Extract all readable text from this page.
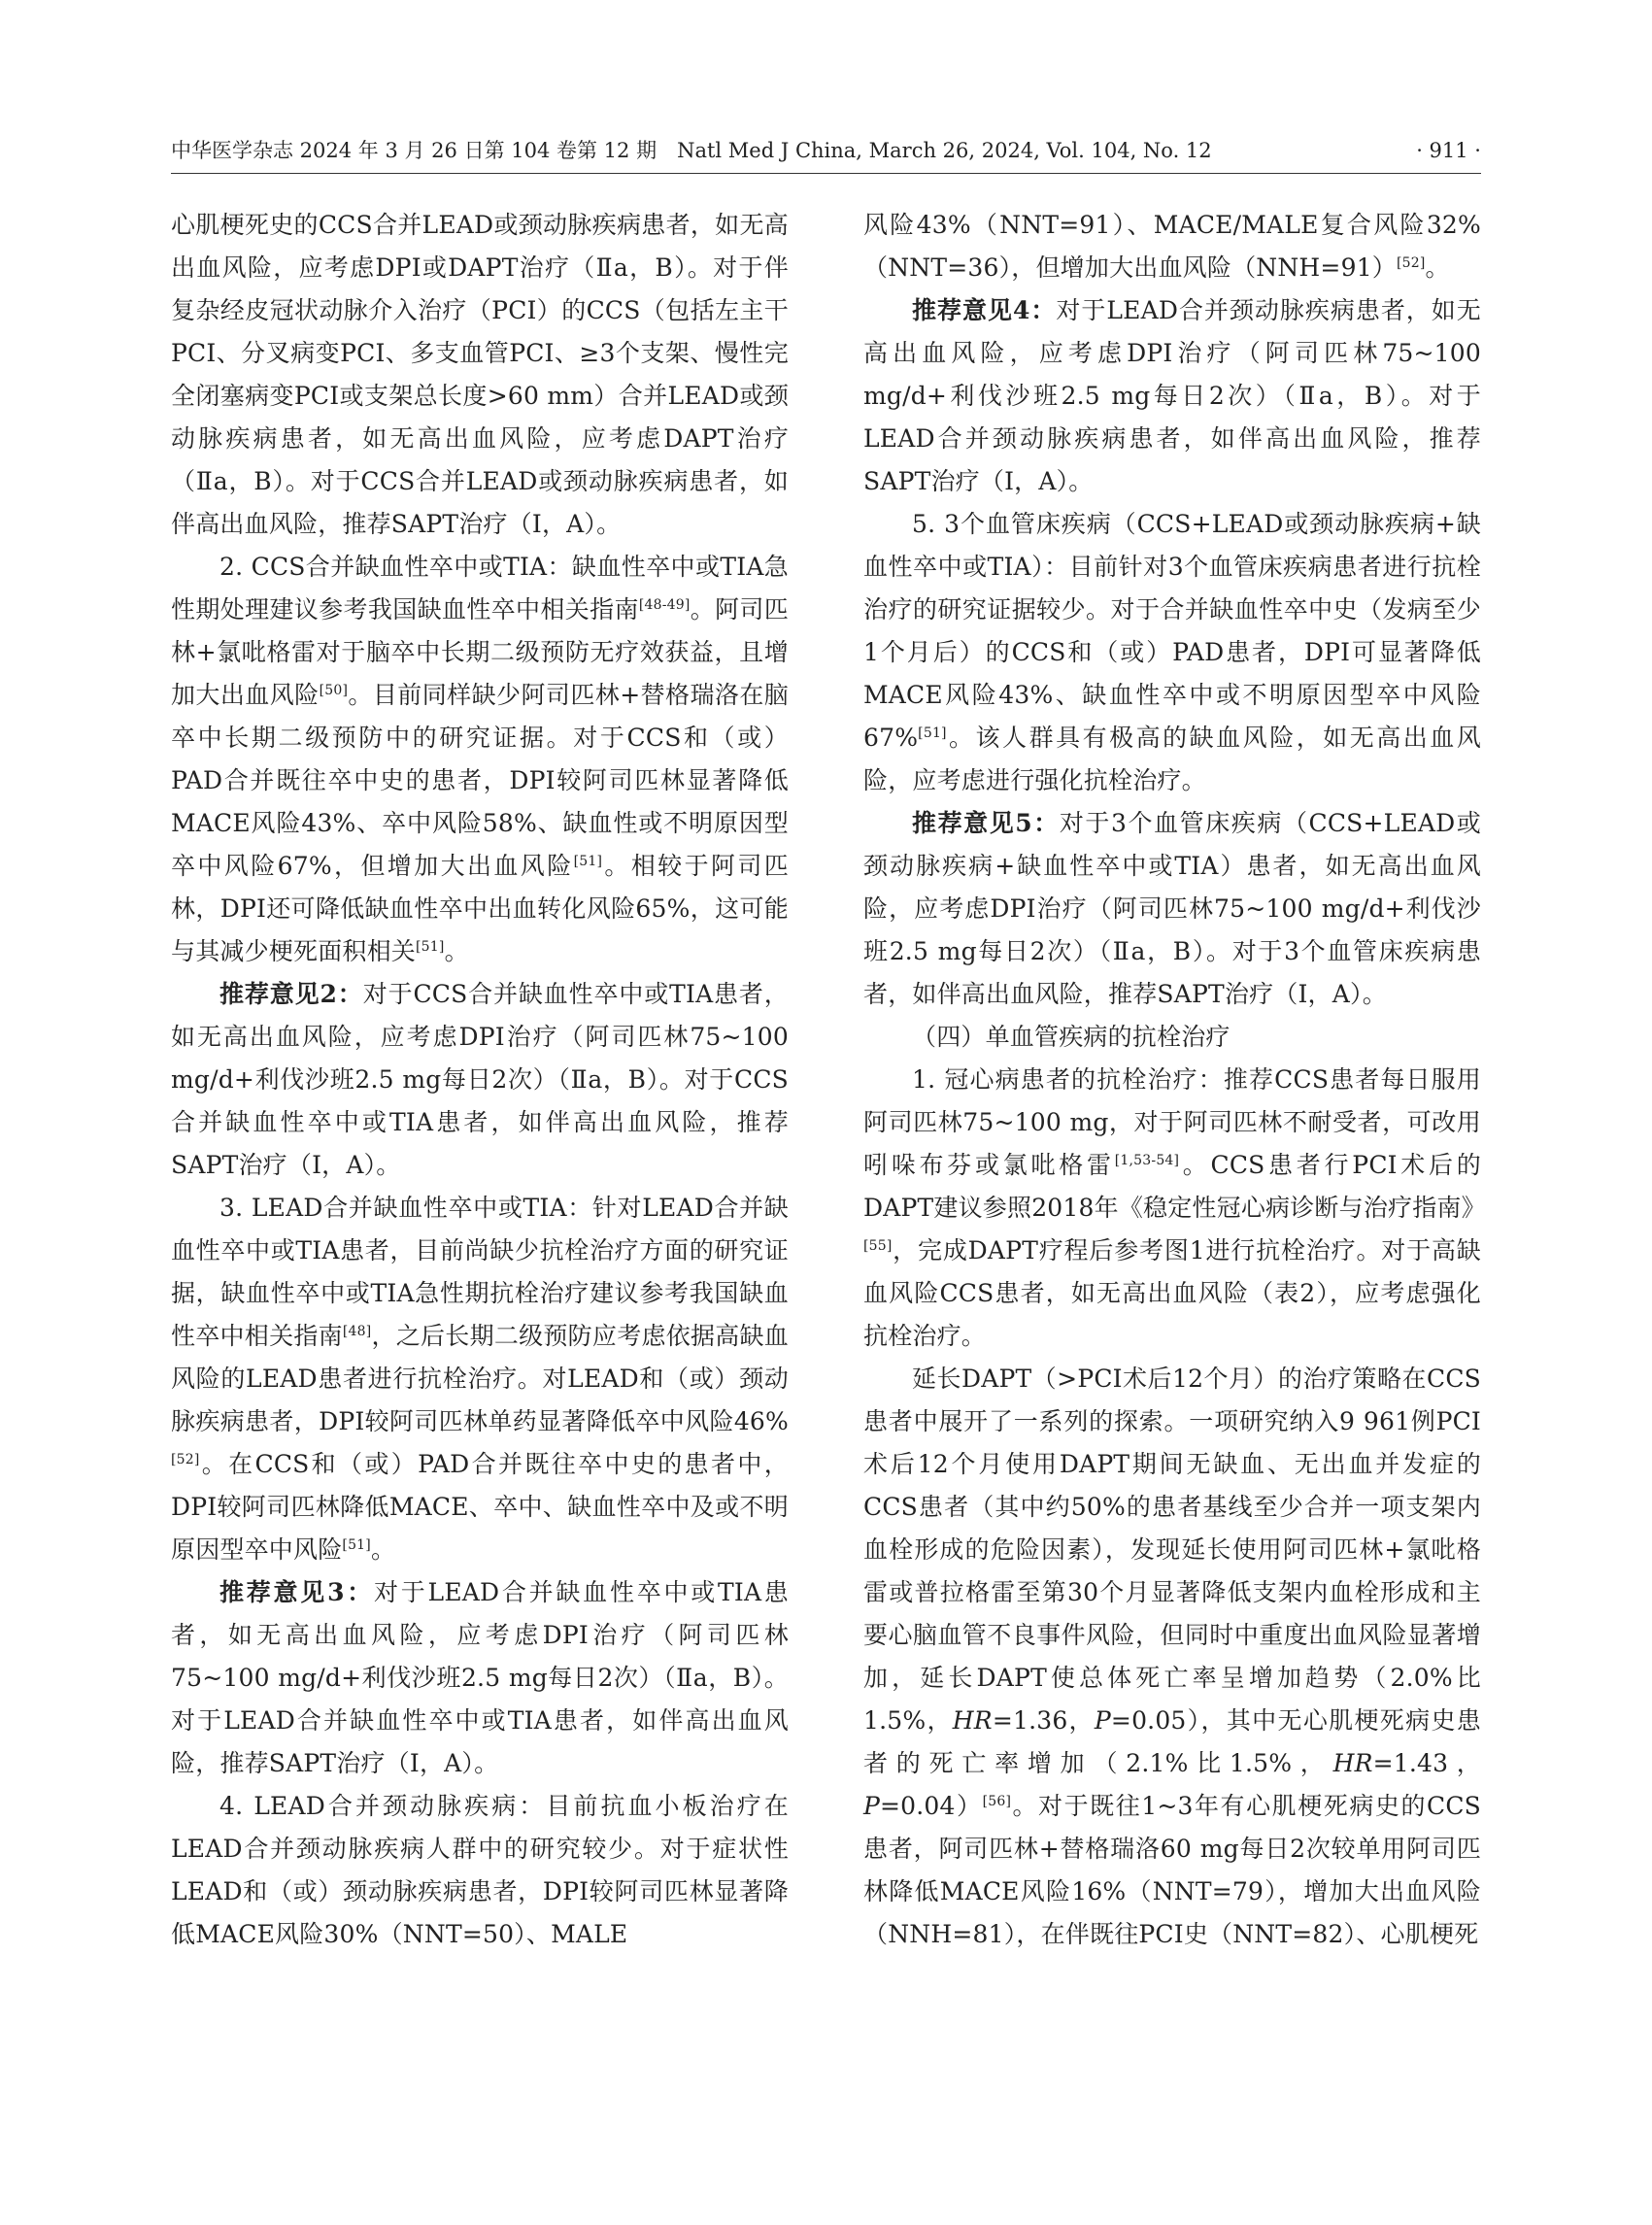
中华医学杂志 2024 年 3 月 26 日第 104 卷第 12 期　Natl Med J China, March 26, 2024, Vol. 104, No. 12	· 911 ·

心肌梗死史的CCS合并LEAD或颈动脉疾病患者，如无高出血风险，应考虑DPI或DAPT治疗（Ⅱa，B）。对于伴复杂经皮冠状动脉介入治疗（PCI）的CCS（包括左主干PCI、分叉病变PCI、多支血管PCI、≥3个支架、慢性完全闭塞病变PCI或支架总长度>60 mm）合并LEAD或颈动脉疾病患者，如无高出血风险，应考虑DAPT治疗（Ⅱa，B）。对于CCS合并LEAD或颈动脉疾病患者，如伴高出血风险，推荐SAPT治疗（Ⅰ，A）。

2. CCS合并缺血性卒中或TIA：缺血性卒中或TIA急性期处理建议参考我国缺血性卒中相关指南[48-49]。阿司匹林+氯吡格雷对于脑卒中长期二级预防无疗效获益，且增加大出血风险[50]。目前同样缺少阿司匹林+替格瑞洛在脑卒中长期二级预防中的研究证据。对于CCS和（或）PAD合并既往卒中史的患者，DPI较阿司匹林显著降低MACE风险43%、卒中风险58%、缺血性或不明原因型卒中风险67%，但增加大出血风险[51]。相较于阿司匹林，DPI还可降低缺血性卒中出血转化风险65%，这可能与其减少梗死面积相关[51]。

推荐意见2：对于CCS合并缺血性卒中或TIA患者，如无高出血风险，应考虑DPI治疗（阿司匹林75~100 mg/d+利伐沙班2.5 mg每日2次）（Ⅱa，B）。对于CCS合并缺血性卒中或TIA患者，如伴高出血风险，推荐SAPT治疗（Ⅰ，A）。

3. LEAD合并缺血性卒中或TIA：针对LEAD合并缺血性卒中或TIA患者，目前尚缺少抗栓治疗方面的研究证据，缺血性卒中或TIA急性期抗栓治疗建议参考我国缺血性卒中相关指南[48]，之后长期二级预防应考虑依据高缺血风险的LEAD患者进行抗栓治疗。对LEAD和（或）颈动脉疾病患者，DPI较阿司匹林单药显著降低卒中风险46%[52]。在CCS和（或）PAD合并既往卒中史的患者中，DPI较阿司匹林降低MACE、卒中、缺血性卒中及或不明原因型卒中风险[51]。

推荐意见3：对于LEAD合并缺血性卒中或TIA患者，如无高出血风险，应考虑DPI治疗（阿司匹林75~100 mg/d+利伐沙班2.5 mg每日2次）（Ⅱa，B）。对于LEAD合并缺血性卒中或TIA患者，如伴高出血风险，推荐SAPT治疗（Ⅰ，A）。

4. LEAD合并颈动脉疾病：目前抗血小板治疗在LEAD合并颈动脉疾病人群中的研究较少。对于症状性LEAD和（或）颈动脉疾病患者，DPI较阿司匹林显著降低MACE风险30%（NNT=50）、MALE

风险43%（NNT=91）、MACE/MALE复合风险32%（NNT=36），但增加大出血风险（NNH=91）[52]。

推荐意见4：对于LEAD合并颈动脉疾病患者，如无高出血风险，应考虑DPI治疗（阿司匹林75~100 mg/d+利伐沙班2.5 mg每日2次）（Ⅱa，B）。对于LEAD合并颈动脉疾病患者，如伴高出血风险，推荐SAPT治疗（Ⅰ，A）。

5. 3个血管床疾病（CCS+LEAD或颈动脉疾病+缺血性卒中或TIA）：目前针对3个血管床疾病患者进行抗栓治疗的研究证据较少。对于合并缺血性卒中史（发病至少1个月后）的CCS和（或）PAD患者，DPI可显著降低MACE风险43%、缺血性卒中或不明原因型卒中风险67%[51]。该人群具有极高的缺血风险，如无高出血风险，应考虑进行强化抗栓治疗。

推荐意见5：对于3个血管床疾病（CCS+LEAD或颈动脉疾病+缺血性卒中或TIA）患者，如无高出血风险，应考虑DPI治疗（阿司匹林75~100 mg/d+利伐沙班2.5 mg每日2次）（Ⅱa，B）。对于3个血管床疾病患者，如伴高出血风险，推荐SAPT治疗（Ⅰ，A）。

（四）单血管疾病的抗栓治疗

1. 冠心病患者的抗栓治疗：推荐CCS患者每日服用阿司匹林75~100 mg，对于阿司匹林不耐受者，可改用吲哚布芬或氯吡格雷[1,53-54]。CCS患者行PCI术后的DAPT建议参照2018年《稳定性冠心病诊断与治疗指南》[55]，完成DAPT疗程后参考图1进行抗栓治疗。对于高缺血风险CCS患者，如无高出血风险（表2），应考虑强化抗栓治疗。

延长DAPT（>PCI术后12个月）的治疗策略在CCS患者中展开了一系列的探索。一项研究纳入9 961例PCI术后12个月使用DAPT期间无缺血、无出血并发症的CCS患者（其中约50%的患者基线至少合并一项支架内血栓形成的危险因素），发现延长使用阿司匹林+氯吡格雷或普拉格雷至第30个月显著降低支架内血栓形成和主要心脑血管不良事件风险，但同时中重度出血风险显著增加，延长DAPT使总体死亡率呈增加趋势（2.0%比1.5%，HR=1.36，P=0.05），其中无心肌梗死病史患者的死亡率增加（2.1%比1.5%，HR=1.43，P=0.04）[56]。对于既往1~3年有心肌梗死病史的CCS患者，阿司匹林+替格瑞洛60 mg每日2次较单用阿司匹林降低MACE风险16%（NNT=79），增加大出血风险（NNH=81），在伴既往PCI史（NNT=82）、心肌梗死
